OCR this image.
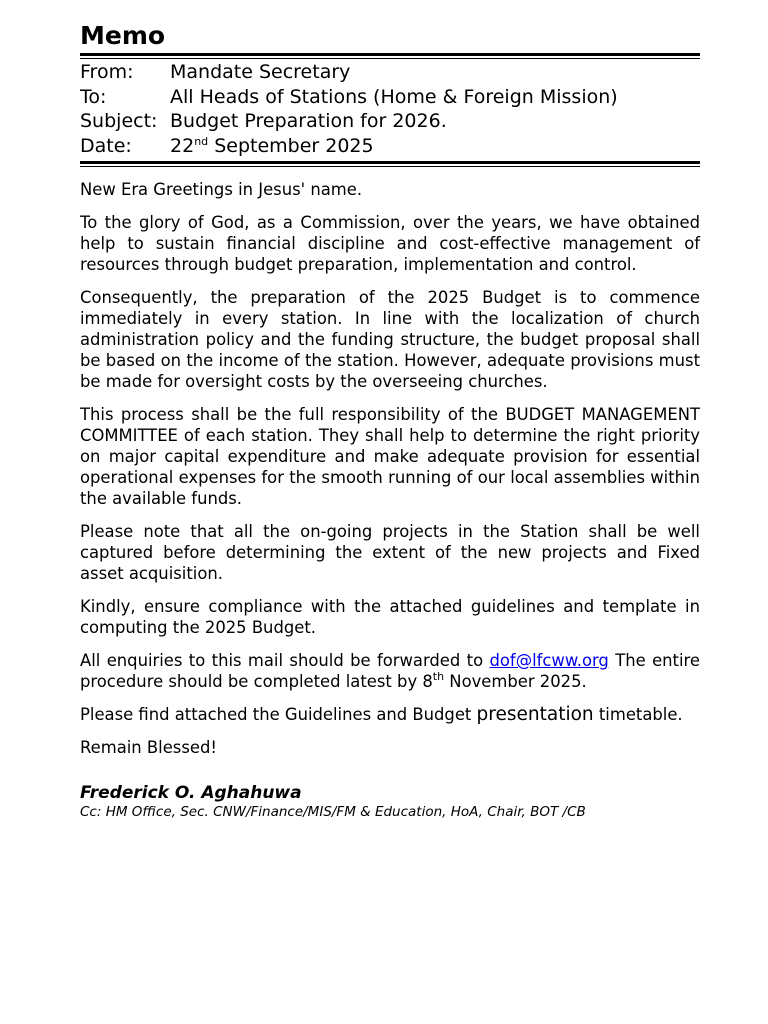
Memo
From:	Mandate Secretary
To:	All Heads of Stations (Home & Foreign Mission)
Subject: Budget Preparation for 2026.
Date:	22nd September 2025

New Era Greetings in Jesus' name.

To the glory of God, as a Commission, over the years, we have obtained help to sustain financial discipline and cost-effective management of resources through budget preparation, implementation and control.

Consequently, the preparation of the 2025 Budget is to commence immediately in every station. In line with the localization of church administration policy and the funding structure, the budget proposal shall be based on the income of the station. However, adequate provisions must be made for oversight costs by the overseeing churches.

This process shall be the full responsibility of the BUDGET MANAGEMENT COMMITTEE of each station. They shall help to determine the right priority on major capital expenditure and make adequate provision for essential operational expenses for the smooth running of our local assemblies within the available funds.

Please note that all the on-going projects in the Station shall be well captured before determining the extent of the new projects and Fixed asset acquisition.

Kindly, ensure compliance with the attached guidelines and template in computing the 2025 Budget.

All enquiries to this mail should be forwarded to dof@lfcww.org The entire procedure should be completed latest by 8th November 2025.

Please find attached the Guidelines and Budget presentation timetable.

Remain Blessed!

Frederick O. Aghahuwa
Cc: HM Office, Sec. CNW/Finance/MIS/FM & Education, HoA, Chair, BOT /CB
